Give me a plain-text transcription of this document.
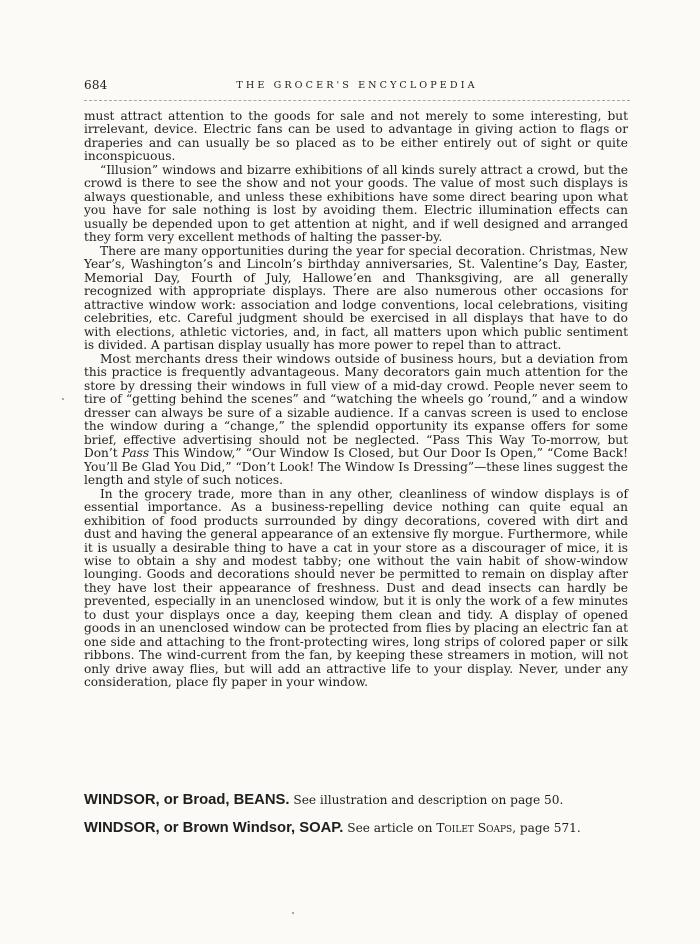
684	THE GROCER'S ENCYCLOPEDIA

must attract attention to the goods for sale and not merely to some interesting, but irrelevant, device. Electric fans can be used to advantage in giving action to flags or draperies and can usually be so placed as to be either entirely out of sight or quite inconspicuous.

“Illusion” windows and bizarre exhibitions of all kinds surely attract a crowd, but the crowd is there to see the show and not your goods. The value of most such displays is always questionable, and unless these exhibitions have some direct bearing upon what you have for sale nothing is lost by avoiding them. Electric illumination effects can usually be depended upon to get attention at night, and if well designed and arranged they form very excellent methods of halting the passer-by.

There are many opportunities during the year for special decoration. Christmas, New Year’s, Washington’s and Lincoln’s birthday anniversaries, St. Valentine’s Day, Easter, Memorial Day, Fourth of July, Hallowe’en and Thanksgiving, are all generally recognized with appropriate displays. There are also numerous other occasions for attractive window work: association and lodge conventions, local celebrations, visiting celebrities, etc. Careful judgment should be exercised in all displays that have to do with elections, athletic victories, and, in fact, all matters upon which public sentiment is divided. A partisan display usually has more power to repel than to attract.

Most merchants dress their windows outside of business hours, but a deviation from this practice is frequently advantageous. Many decorators gain much attention for the store by dressing their windows in full view of a mid-day crowd. People never seem to tire of “getting behind the scenes” and “watching the wheels go ’round,” and a window dresser can always be sure of a sizable audience. If a canvas screen is used to enclose the window during a “change,” the splendid opportunity its expanse offers for some brief, effective advertising should not be neglected. “Pass This Way To-morrow, but Don’t Pass This Window,” “Our Window Is Closed, but Our Door Is Open,” “Come Back! You’ll Be Glad You Did,” “Don’t Look! The Window Is Dressing”—these lines suggest the length and style of such notices.

In the grocery trade, more than in any other, cleanliness of window displays is of essential importance. As a business-repelling device nothing can quite equal an exhibition of food products surrounded by dingy decorations, covered with dirt and dust and having the general appearance of an extensive fly morgue. Furthermore, while it is usually a desirable thing to have a cat in your store as a discourager of mice, it is wise to obtain a shy and modest tabby; one without the vain habit of show-window lounging. Goods and decorations should never be permitted to remain on display after they have lost their appearance of freshness. Dust and dead insects can hardly be prevented, especially in an unenclosed window, but it is only the work of a few minutes to dust your displays once a day, keeping them clean and tidy. A display of opened goods in an unenclosed window can be protected from flies by placing an electric fan at one side and attaching to the front-protecting wires, long strips of colored paper or silk ribbons. The wind-current from the fan, by keeping these streamers in motion, will not only drive away flies, but will add an attractive life to your display. Never, under any consideration, place fly paper in your window.

WINDSOR, or Broad, BEANS. See illustration and description on page 50.

WINDSOR, or Brown Windsor, SOAP. See article on Toilet Soaps, page 571.
